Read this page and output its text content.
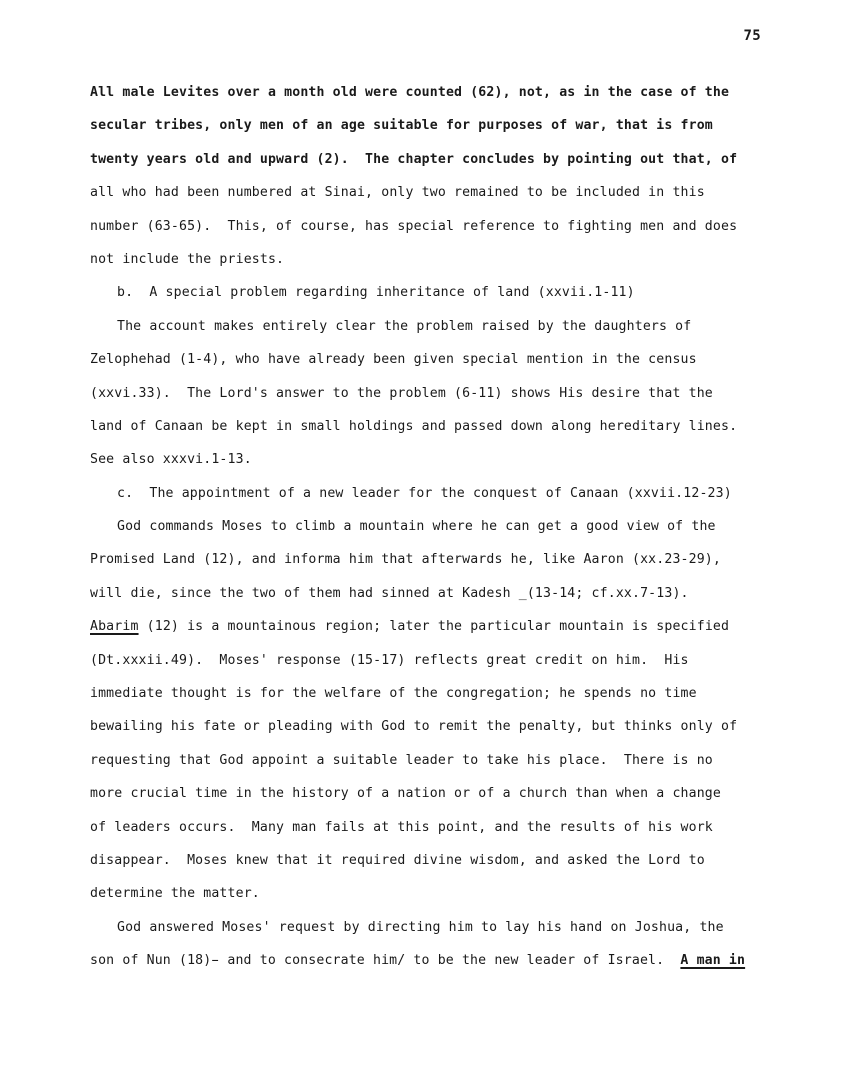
75
All male Levites over a month old were counted (62), not, as in the case of the
secular tribes, only men of an age suitable for purposes of war, that is from
twenty years old and upward (2).  The chapter concludes by pointing out that, of
all who had been numbered at Sinai, only two remained to be included in this
number (63-65).  This, of course, has special reference to fighting men and does
not include the priests.
b.  A special problem regarding inheritance of land (xxvii.1-11)
The account makes entirely clear the problem raised by the daughters of
Zelophehad (1-4), who have already been given special mention in the census
(xxvi.33).  The Lord's answer to the problem (6-11) shows His desire that the
land of Canaan be kept in small holdings and passed down along hereditary lines.
See also xxxvi.1-13.
c.  The appointment of a new leader for the conquest of Canaan (xxvii.12-23)
God commands Moses to climb a mountain where he can get a good view of the
Promised Land (12), and informa him that afterwards he, like Aaron (xx.23-29),
will die, since the two of them had sinned at Kadesh _(13-14; cf.xx.7-13).
Abarim (12) is a mountainous region; later the particular mountain is specified
(Dt.xxxii.49).  Moses' response (15-17) reflects great credit on him.  His
immediate thought is for the welfare of the congregation; he spends no time
bewailing his fate or pleading with God to remit the penalty, but thinks only of
requesting that God appoint a suitable leader to take his place.  There is no
more crucial time in the history of a nation or of a church than when a change
of leaders occurs.  Many man fails at this point, and the results of his work
disappear.  Moses knew that it required divine wisdom, and asked the Lord to
determine the matter.
God answered Moses' request by directing him to lay his hand on Joshua, the
son of Nun (18)̵ and to consecrate him/ to be the new leader of Israel.  A man in
